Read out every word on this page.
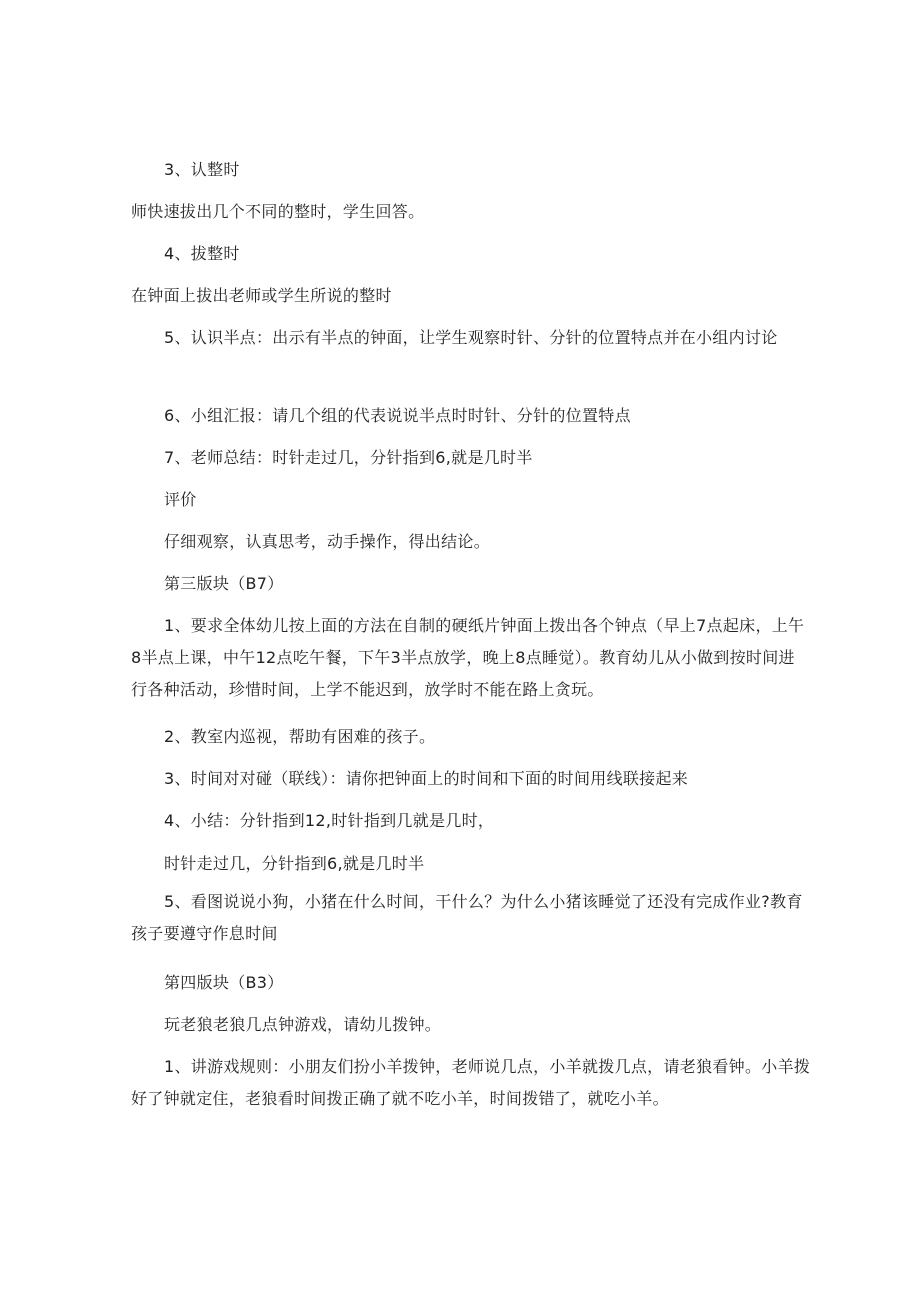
3、认整时
师快速拔出几个不同的整时，学生回答。
4、拔整时
在钟面上拔出老师或学生所说的整时
5、认识半点：出示有半点的钟面，让学生观察时针、分针的位置特点并在小组内讨论
6、小组汇报：请几个组的代表说说半点时时针、分针的位置特点
7、老师总结：时针走过几，分针指到6,就是几时半
评价
仔细观察，认真思考，动手操作，得出结论。
第三版块（B7）
1、要求全体幼儿按上面的方法在自制的硬纸片钟面上拨出各个钟点（早上7点起床，上午8半点上课，中午12点吃午餐，下午3半点放学，晚上8点睡觉）。教育幼儿从小做到按时间进行各种活动，珍惜时间，上学不能迟到，放学时不能在路上贪玩。
2、教室内巡视，帮助有困难的孩子。
3、时间对对碰（联线）：请你把钟面上的时间和下面的时间用线联接起来
4、小结：分针指到12,时针指到几就是几时，
时针走过几，分针指到6,就是几时半
5、看图说说小狗，小猪在什么时间，干什么？为什么小猪该睡觉了还没有完成作业?教育孩子要遵守作息时间
第四版块（B3）
玩老狼老狼几点钟游戏，请幼儿拨钟。
1、讲游戏规则：小朋友们扮小羊拨钟，老师说几点，小羊就拨几点，请老狼看钟。小羊拨好了钟就定住，老狼看时间拨正确了就不吃小羊，时间拨错了，就吃小羊。
